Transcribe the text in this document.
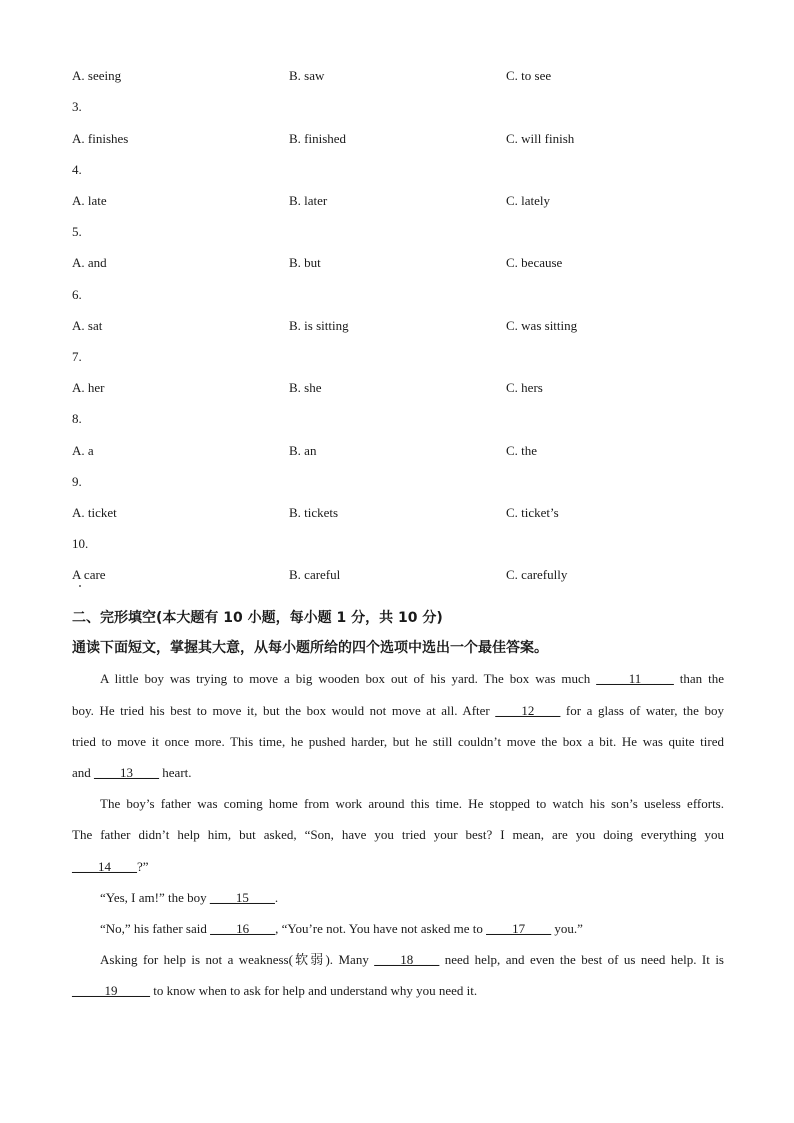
A. seeing	B. saw	C. to see
3.
A. finishes	B. finished	C. will finish
4.
A. late	B. later	C. lately
5.
A. and	B. but	C. because
6.
A. sat	B. is sitting	C. was sitting
7.
A. her	B. she	C. hers
8.
A. a	B. an	C. the
9.
A. ticket	B. tickets	C. ticket’s
10.
A care	B. careful	C. carefully
二、完形填空(本大题有 10 小题，每小题 1 分，共 10 分)
通读下面短文，掌握其大意，从每小题所给的四个选项中选出一个最佳答案。
A little boy was trying to move a big wooden box out of his yard. The box was much _____11_____ than the
boy. He tried his best to move it, but the box would not move at all. After ____12____ for a glass of water, the boy
tried to move it once more. This time, he pushed harder, but he still couldn’t move the box a bit. He was quite tired
and ____13____ heart.
The boy’s father was coming home from work around this time. He stopped to watch his son’s useless efforts.
The father didn’t help him, but asked, “Son, have you tried your best? I mean, are you doing everything you
____14____?”
“Yes, I am!” the boy ____15____.
“No,” his father said ____16____, “You’re not. You have not asked me to ____17____ you.”
Asking for help is not a weakness(软弱). Many ____18____ need help, and even the best of us need help. It is
_____19_____ to know when to ask for help and understand why you need it.
